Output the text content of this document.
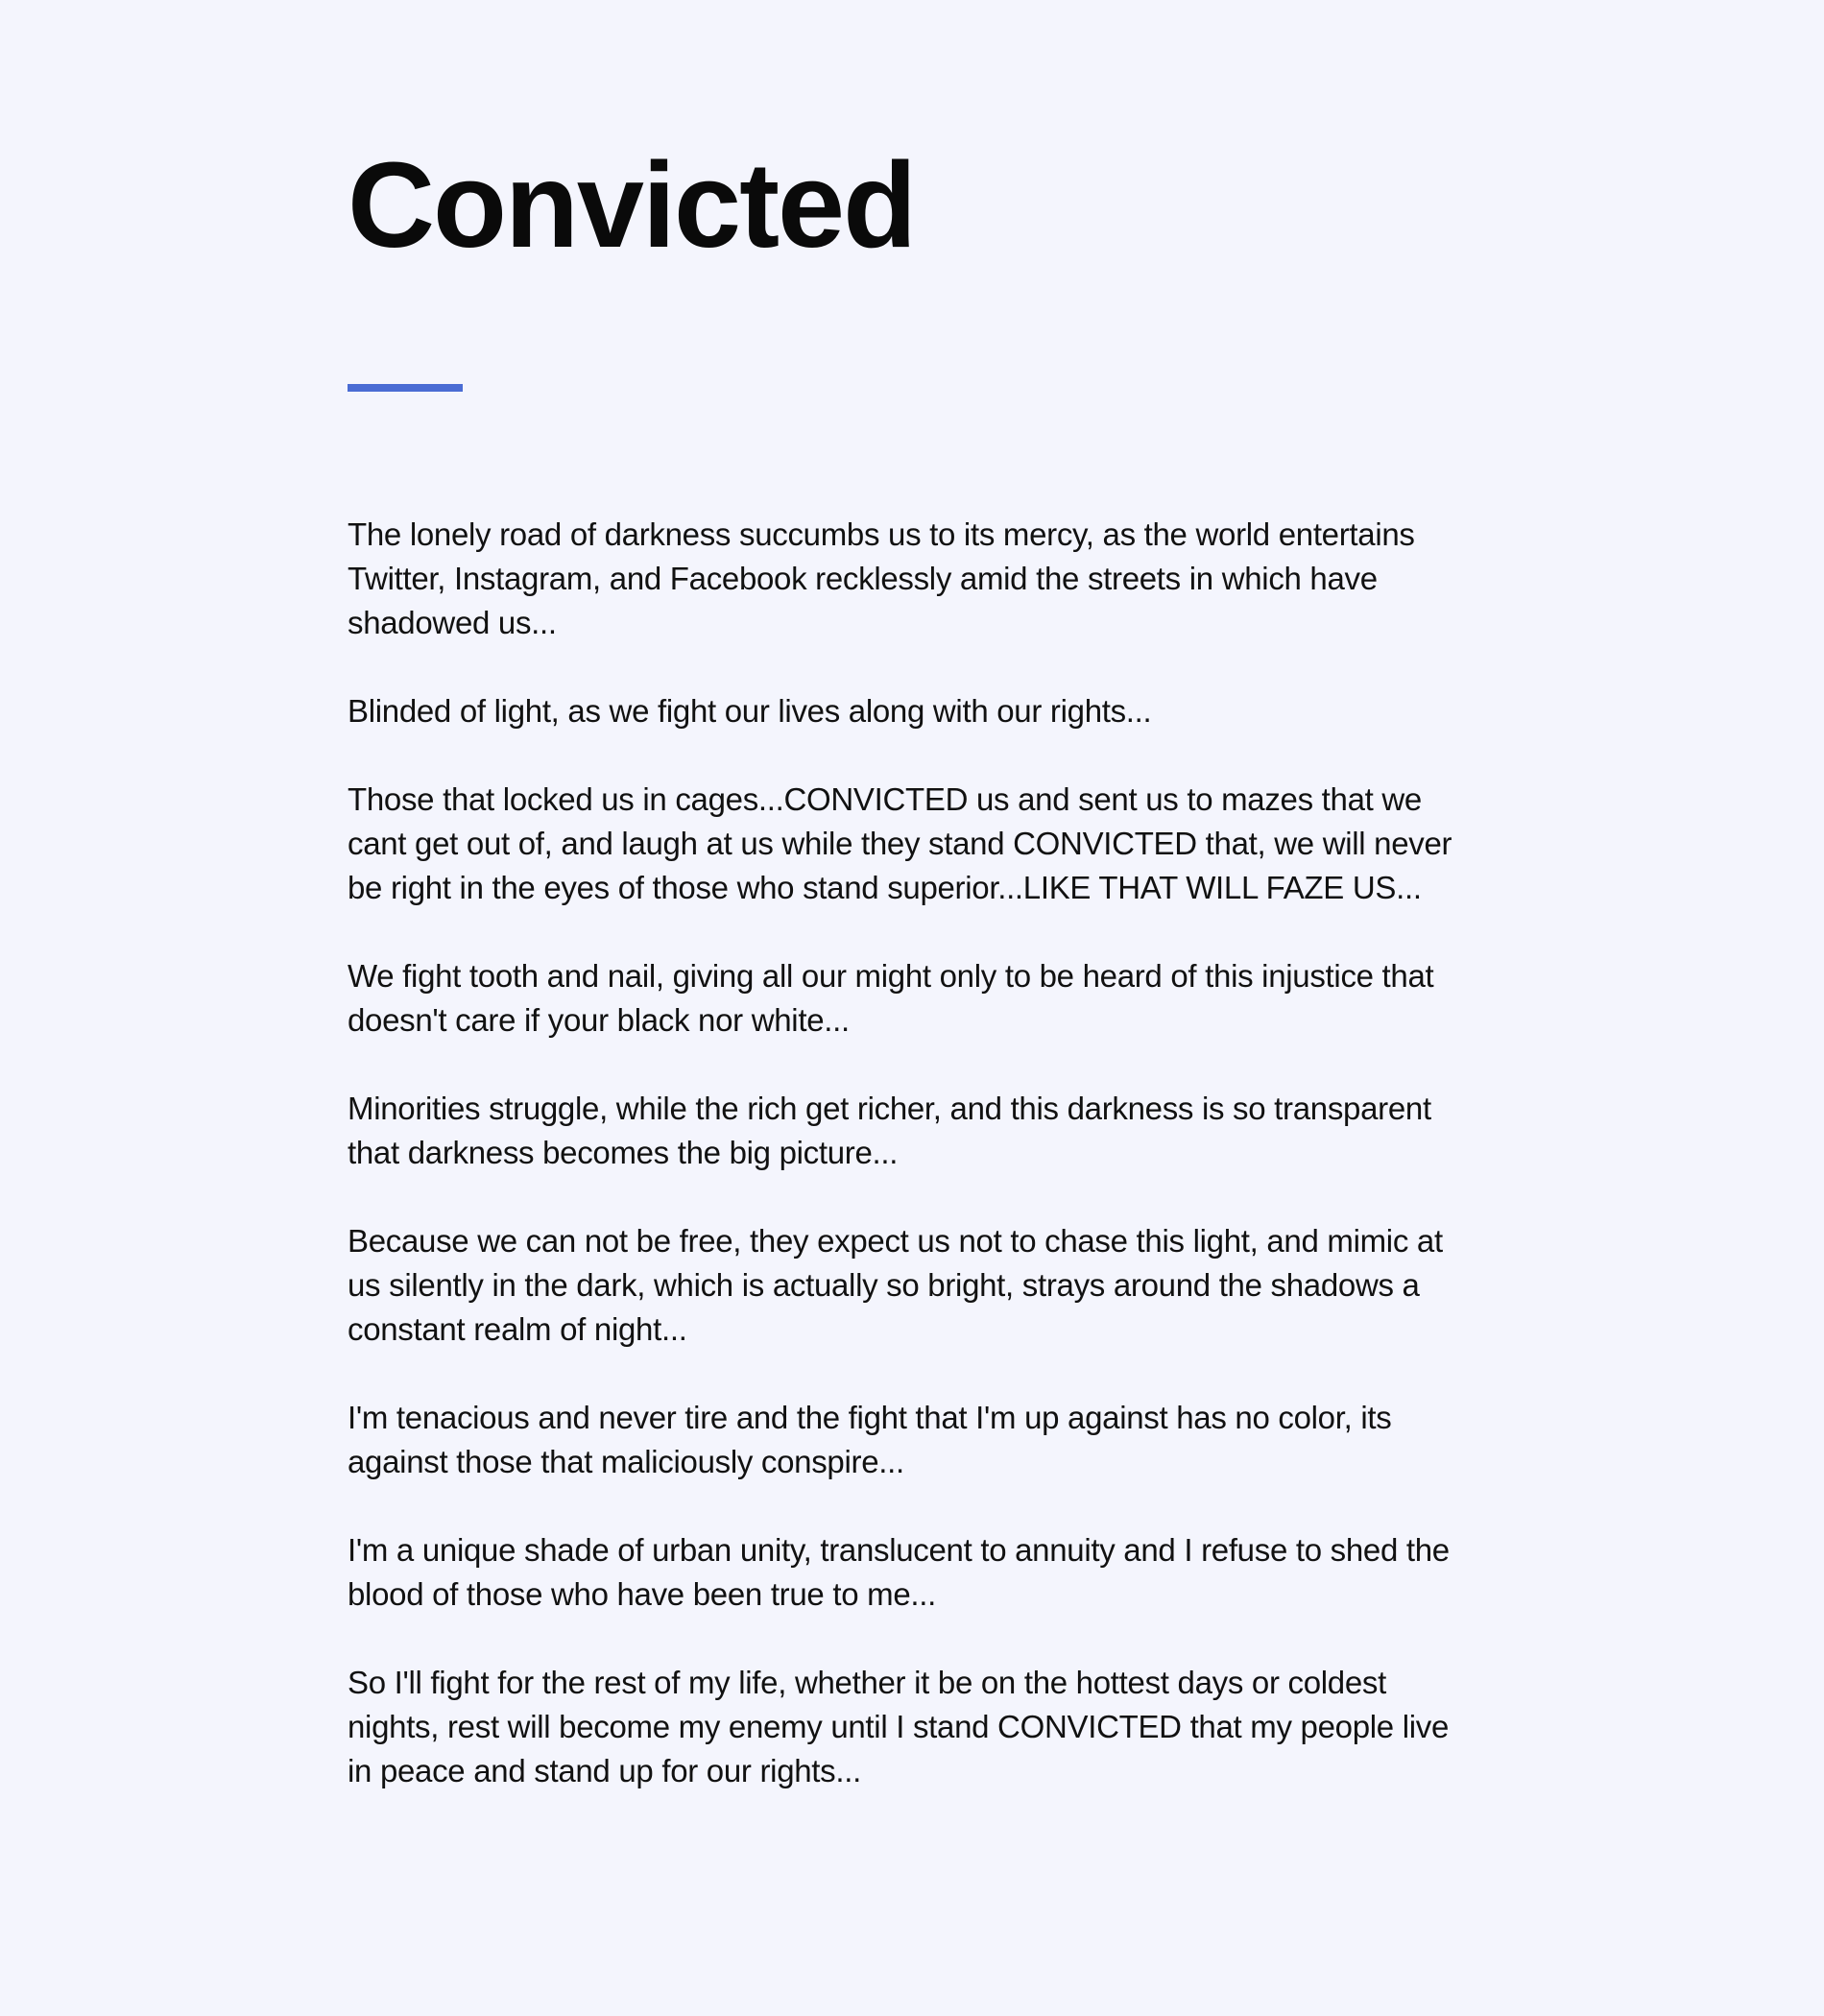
Convicted

The lonely road of darkness succumbs us to its mercy, as the world entertains Twitter, Instagram, and Facebook recklessly amid the streets in which have shadowed us...

Blinded of light, as we fight our lives along with our rights...

Those that locked us in cages...CONVICTED us and sent us to mazes that we cant get out of, and laugh at us while they stand CONVICTED that, we will never be right in the eyes of those who stand superior...LIKE THAT WILL FAZE US...

We fight tooth and nail, giving all our might only to be heard of this injustice that doesn't care if your black nor white...

Minorities struggle, while the rich get richer, and this darkness is so transparent that darkness becomes the big picture...

Because we can not be free, they expect us not to chase this light, and mimic at us silently in the dark, which is actually so bright, strays around the shadows a constant realm of night...

I'm tenacious and never tire and the fight that I'm up against has no color, its against those that maliciously conspire...

I'm a unique shade of urban unity, translucent to annuity and I refuse to shed the blood of those who have been true to me...

So I'll fight for the rest of my life, whether it be on the hottest days or coldest nights, rest will become my enemy until I stand CONVICTED that my people live in peace and stand up for our rights...
